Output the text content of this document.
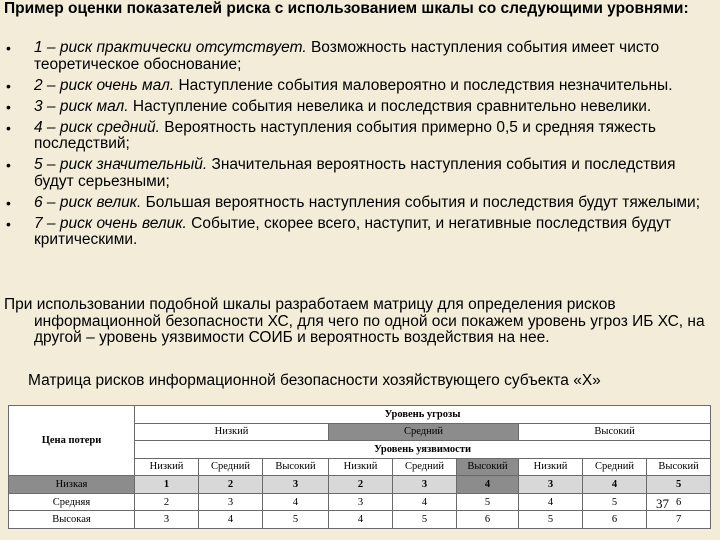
Пример оценки показателей риска с использованием шкалы со следующими уровнями:
• 1 – риск практически отсутствует. Возможность наступления события имеет чисто теоретическое обоснование;
• 2 – риск очень мал. Наступление события маловероятно и последствия незначительны.
• 3 – риск мал. Наступление события невелика и последствия сравнительно невелики.
• 4 – риск средний. Вероятность наступления события примерно 0,5 и средняя тяжесть последствий;
• 5 – риск значительный. Значительная вероятность наступления события и последствия будут серьезными;
• 6 – риск велик. Большая вероятность наступления события и последствия будут тяжелыми;
• 7 – риск очень велик. Событие, скорее всего, наступит, и негативные последствия будут критическими.
При использовании подобной шкалы разработаем матрицу для определения рисков информационной безопасности ХС, для чего по одной оси покажем уровень угроз ИБ ХС, на другой – уровень уязвимости СОИБ и вероятность воздействия на нее.
Матрица рисков информационной безопасности хозяйствующего субъекта «Х»
Цена потери	Уровень угрозы								
	Низкий			Средний			Высокий		
	Уровень уязвимости								
	Низкий	Средний	Высокий	Низкий	Средний	Высокий	Низкий	Средний	Высокий
Низкая	1	2	3	2	3	4	3	4	5
Средняя	2	3	4	3	4	5	4	5	6
Высокая	3	4	5	4	5	6	5	6	7
37
